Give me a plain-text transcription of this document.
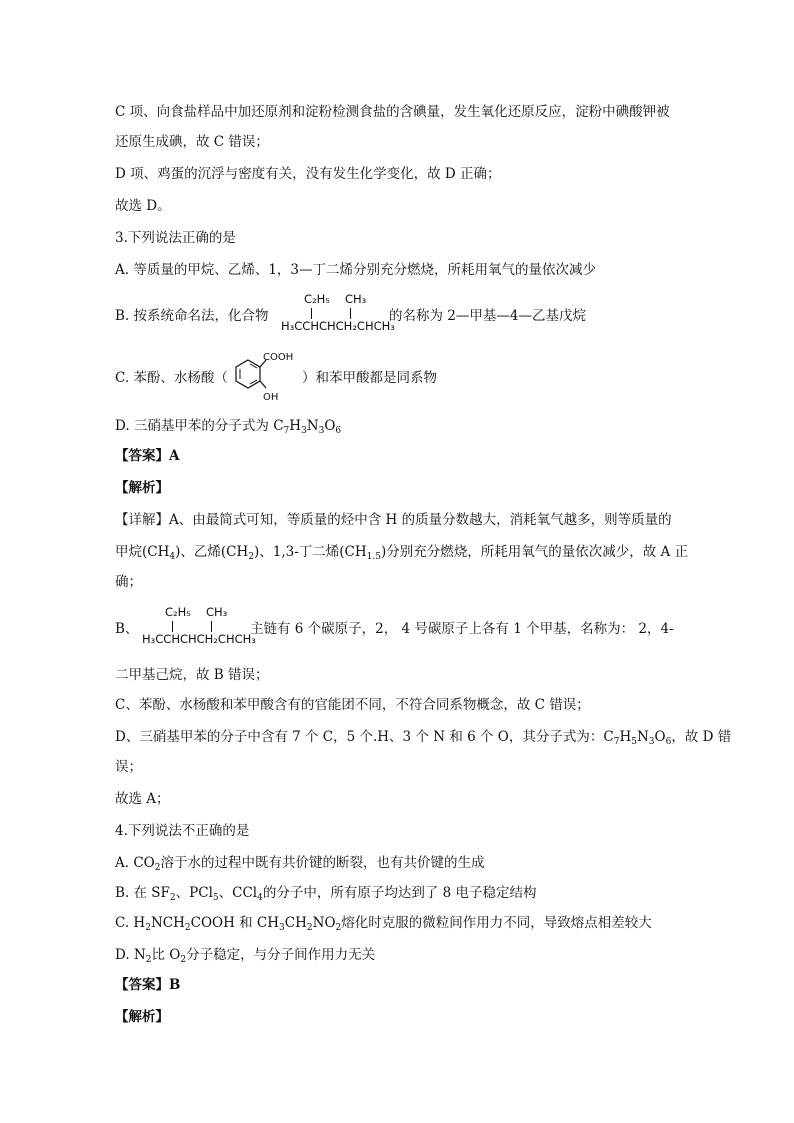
C 项、向食盐样品中加还原剂和淀粉检测食盐的含碘量，发生氧化还原反应，淀粉中碘酸钾被
还原生成碘，故 C 错误；
D 项、鸡蛋的沉浮与密度有关，没有发生化学变化，故 D 正确；
故选 D。
3.下列说法正确的是
A. 等质量的甲烷、乙烯、1，3—丁二烯分别充分燃烧，所耗用氧气的量依次减少
B. 按系统命名法，化合物
C₂H₅ CH₃
H₃CCHCHCH₂CHCH₃
的名称为 2—甲基—4—乙基戊烷
C. 苯酚、水杨酸（
COOH
OH
）和苯甲酸都是同系物
D. 三硝基甲苯的分子式为 $C_7H_3N_3O_6$
【答案】A
【解析】
【详解】A、由最简式可知，等质量的烃中含 H 的质量分数越大，消耗氧气越多，则等质量的
甲烷$(CH_4)$、乙烯$(CH_2)$、1,3-丁二烯$(CH_{1.5})$分别充分燃烧，所耗用氧气的量依次减少，故 A 正
确；
B、
C₂H₅ CH₃
H₃CCHCHCH₂CHCH₃
主链有 6 个碳原子，2， 4 号碳原子上各有 1 个甲基，名称为： 2，4-
二甲基己烷，故 B 错误；
C、苯酚、水杨酸和苯甲酸含有的官能团不同，不符合同系物概念，故 C 错误；
D、三硝基甲苯的分子中含有 7 个 C，5 个.H、3 个 N 和 6 个 O，其分子式为：$C_7H_5N_3O_6$，故 D 错
误；
故选 A；
4.下列说法不正确的是
A. $CO_2$溶于水的过程中既有共价键的断裂，也有共价键的生成
B. 在 $SF_2$、PCl$_5$、CCl$_4$的分子中，所有原子均达到了 8 电子稳定结构
C. $H_2NCH_2COOH$ 和 $CH_3CH_2NO_2$熔化时克服的微粒间作用力不同，导致熔点相差较大
D. $N_2$比 $O_2$分子稳定，与分子间作用力无关
【答案】B
【解析】
